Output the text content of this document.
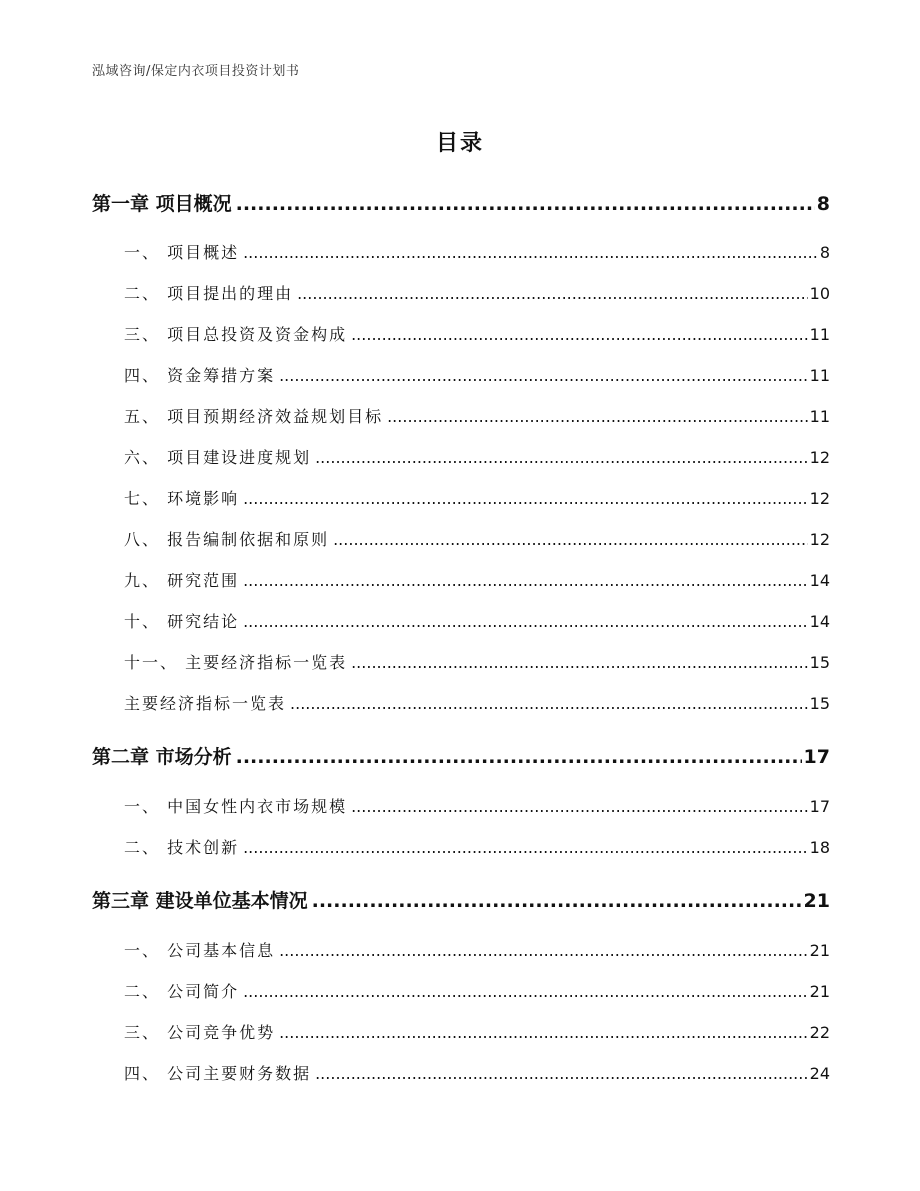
泓域咨询/保定内衣项目投资计划书
目录
第一章 项目概况 .....	8
一、 项目概述 .....	8
二、 项目提出的理由 .....	10
三、 项目总投资及资金构成 .....	11
四、 资金筹措方案 .....	11
五、 项目预期经济效益规划目标 .....	11
六、 项目建设进度规划 .....	12
七、 环境影响 .....	12
八、 报告编制依据和原则 .....	12
九、 研究范围 .....	14
十、 研究结论 .....	14
十一、 主要经济指标一览表 .....	15
主要经济指标一览表 .....	15
第二章 市场分析 .....	17
一、 中国女性内衣市场规模 .....	17
二、 技术创新 .....	18
第三章 建设单位基本情况 .....	21
一、 公司基本信息 .....	21
二、 公司简介 .....	21
三、 公司竞争优势 .....	22
四、 公司主要财务数据 .....	24
